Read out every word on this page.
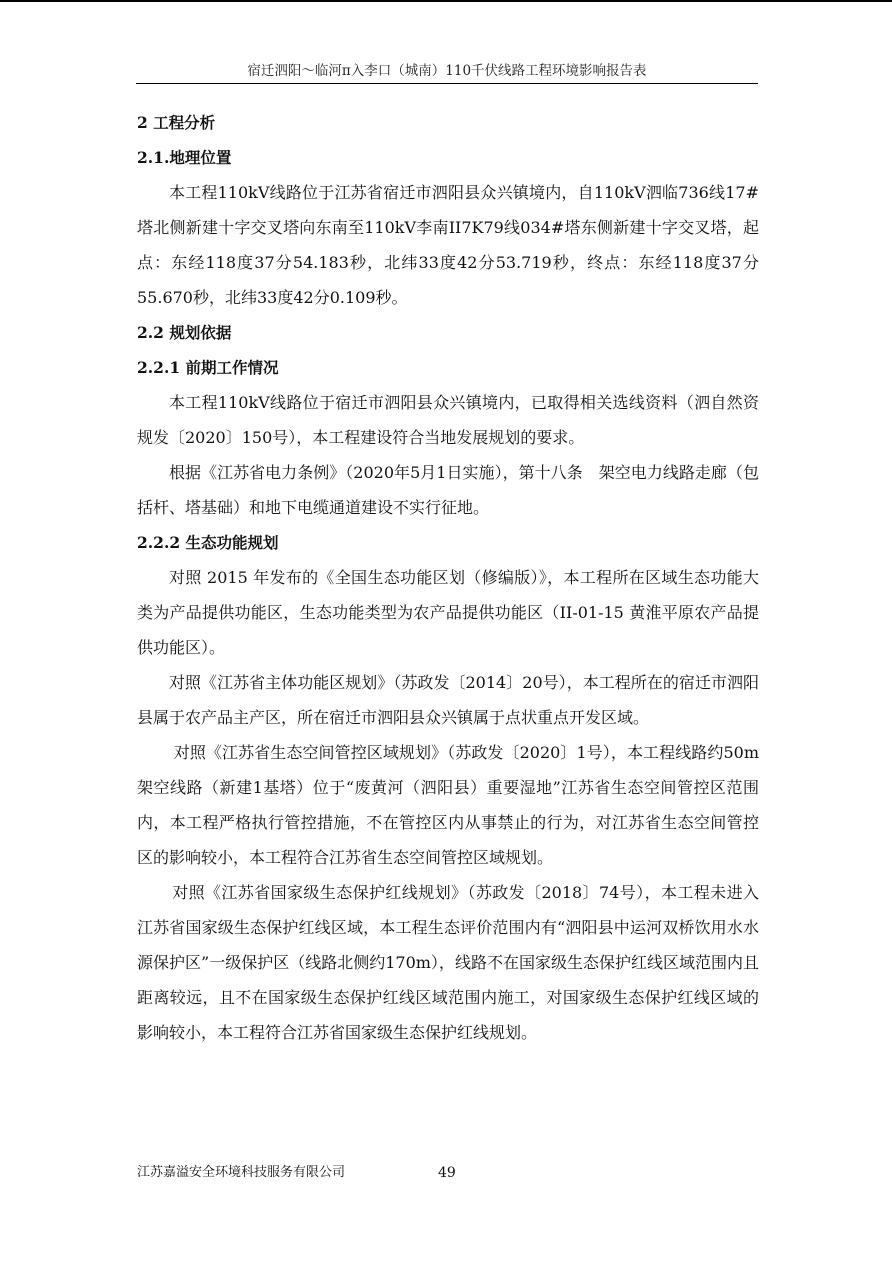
宿迁泗阳～临河π入李口（城南）110千伏线路工程环境影响报告表
2 工程分析
2.1.地理位置
本工程110kV线路位于江苏省宿迁市泗阳县众兴镇境内，自110kV泗临736线17#塔北侧新建十字交叉塔向东南至110kV李南II7K79线034#塔东侧新建十字交叉塔，起点：东经118度37分54.183秒，北纬33度42分53.719秒，终点：东经118度37分55.670秒，北纬33度42分0.109秒。
2.2 规划依据
2.2.1 前期工作情况
本工程110kV线路位于宿迁市泗阳县众兴镇境内，已取得相关选线资料（泗自然资规发〔2020〕150号），本工程建设符合当地发展规划的要求。
根据《江苏省电力条例》（2020年5月1日实施），第十八条　架空电力线路走廊（包括杆、塔基础）和地下电缆通道建设不实行征地。
2.2.2 生态功能规划
对照 2015 年发布的《全国生态功能区划（修编版）》，本工程所在区域生态功能大类为产品提供功能区，生态功能类型为农产品提供功能区（II-01-15 黄淮平原农产品提供功能区）。
对照《江苏省主体功能区规划》（苏政发〔2014〕20号），本工程所在的宿迁市泗阳县属于农产品主产区，所在宿迁市泗阳县众兴镇属于点状重点开发区域。
对照《江苏省生态空间管控区域规划》（苏政发〔2020〕1号），本工程线路约50m架空线路（新建1基塔）位于“废黄河（泗阳县）重要湿地”江苏省生态空间管控区范围内，本工程严格执行管控措施，不在管控区内从事禁止的行为，对江苏省生态空间管控区的影响较小，本工程符合江苏省生态空间管控区域规划。
对照《江苏省国家级生态保护红线规划》（苏政发〔2018〕74号），本工程未进入江苏省国家级生态保护红线区域，本工程生态评价范围内有“泗阳县中运河双桥饮用水水源保护区”一级保护区（线路北侧约170m），线路不在国家级生态保护红线区域范围内且距离较远，且不在国家级生态保护红线区域范围内施工，对国家级生态保护红线区域的影响较小，本工程符合江苏省国家级生态保护红线规划。
江苏嘉溢安全环境科技服务有限公司	49
